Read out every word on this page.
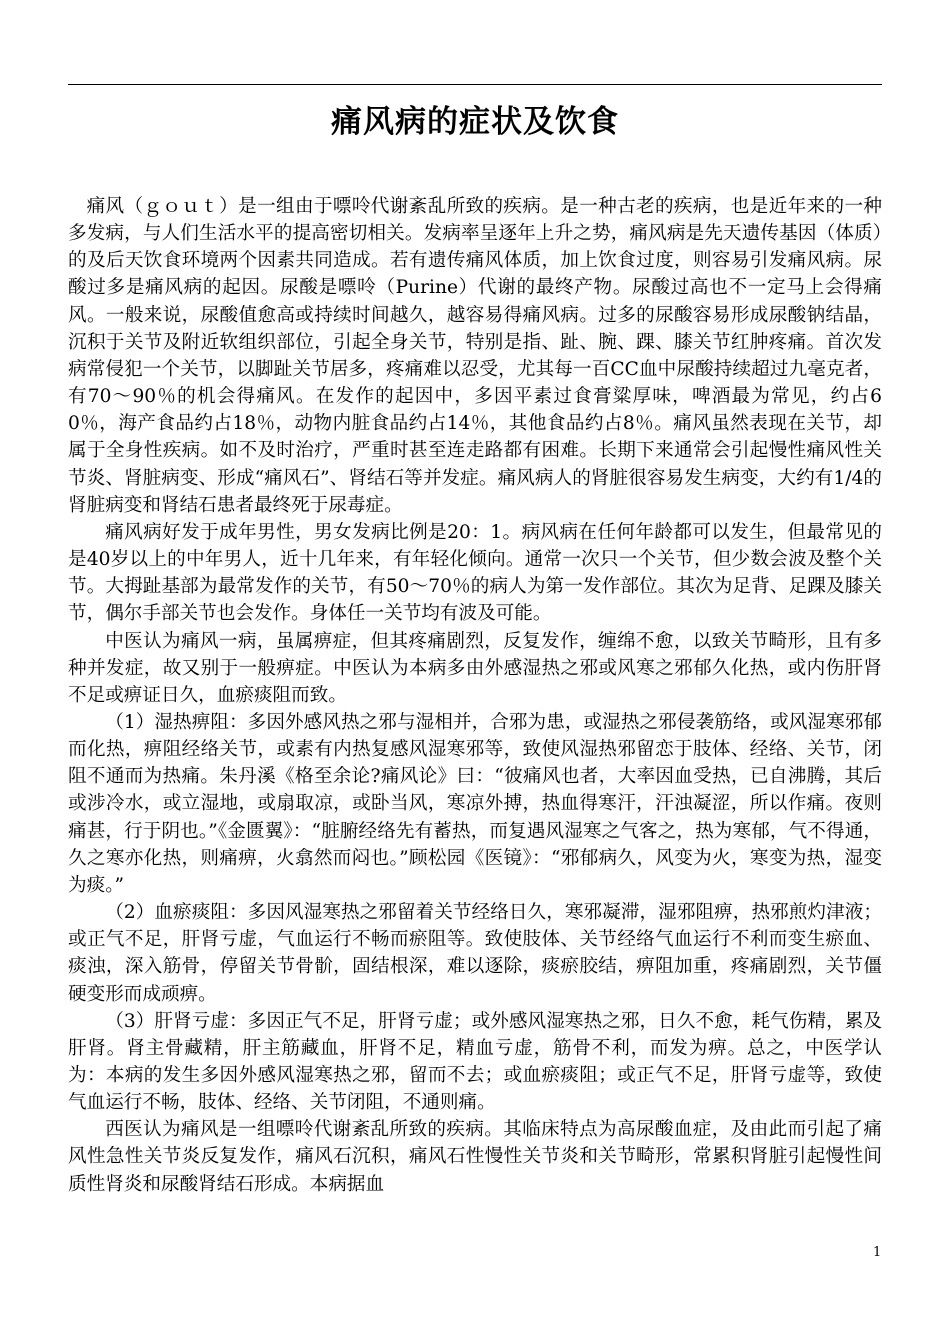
痛风病的症状及饮食

痛风（ｇｏｕｔ）是一组由于嘌呤代谢紊乱所致的疾病。是一种古老的疾病，也是近年来的一种多发病，与人们生活水平的提高密切相关。发病率呈逐年上升之势，痛风病是先天遗传基因（体质）的及后天饮食环境两个因素共同造成。若有遗传痛风体质，加上饮食过度，则容易引发痛风病。尿酸过多是痛风病的起因。尿酸是嘌呤（Purine）代谢的最终产物。尿酸过高也不一定马上会得痛风。一般来说，尿酸值愈高或持续时间越久，越容易得痛风病。过多的尿酸容易形成尿酸钠结晶，沉积于关节及附近软组织部位，引起全身关节，特别是指、趾、腕、踝、膝关节红肿疼痛。首次发病常侵犯一个关节，以脚趾关节居多，疼痛难以忍受，尤其每一百CC血中尿酸持续超过九毫克者，有70～90％的机会得痛风。在发作的起因中，多因平素过食膏粱厚味，啤酒最为常见，约占60％，海产食品约占18％，动物内脏食品约占14％，其他食品约占8％。痛风虽然表现在关节，却属于全身性疾病。如不及时治疗，严重时甚至连走路都有困难。长期下来通常会引起慢性痛风性关节炎、肾脏病变、形成“痛风石”、肾结石等并发症。痛风病人的肾脏很容易发生病变，大约有1/4的肾脏病变和肾结石患者最终死于尿毒症。

痛风病好发于成年男性，男女发病比例是20：1。病风病在任何年龄都可以发生，但最常见的是40岁以上的中年男人，近十几年来，有年轻化倾向。通常一次只一个关节，但少数会波及整个关节。大拇趾基部为最常发作的关节，有50～70％的病人为第一发作部位。其次为足背、足踝及膝关节，偶尔手部关节也会发作。身体任一关节均有波及可能。

中医认为痛风一病，虽属痹症，但其疼痛剧烈，反复发作，缠绵不愈，以致关节畸形，且有多种并发症，故又别于一般痹症。中医认为本病多由外感湿热之邪或风寒之邪郁久化热，或内伤肝肾不足或痹证日久，血瘀痰阻而致。

（1）湿热痹阻：多因外感风热之邪与湿相并，合邪为患，或湿热之邪侵袭筋络，或风湿寒邪郁而化热，痹阻经络关节，或素有内热复感风湿寒邪等，致使风湿热邪留恋于肢体、经络、关节，闭阻不通而为热痛。朱丹溪《格至余论?痛风论》曰：“彼痛风也者，大率因血受热，已自沸腾，其后或涉冷水，或立湿地，或扇取凉，或卧当风，寒凉外搏，热血得寒汗，汗浊凝涩，所以作痛。夜则痛甚，行于阴也。”《金匮翼》：“脏腑经络先有蓄热，而复遇风湿寒之气客之，热为寒郁，气不得通，久之寒亦化热，则痛痹，火翕然而闷也。”顾松园《医镜》：“邪郁病久，风变为火，寒变为热，湿变为痰。”

（2）血瘀痰阻：多因风湿寒热之邪留着关节经络日久，寒邪凝滞，湿邪阻痹，热邪煎灼津液；或正气不足，肝肾亏虚，气血运行不畅而瘀阻等。致使肢体、关节经络气血运行不利而变生瘀血、痰浊，深入筋骨，停留关节骨骱，固结根深，难以逐除，痰瘀胶结，痹阻加重，疼痛剧烈，关节僵硬变形而成顽痹。

（3）肝肾亏虚：多因正气不足，肝肾亏虚；或外感风湿寒热之邪，日久不愈，耗气伤精，累及肝肾。肾主骨藏精，肝主筋藏血，肝肾不足，精血亏虚，筋骨不利，而发为痹。总之，中医学认为：本病的发生多因外感风湿寒热之邪，留而不去；或血瘀痰阻；或正气不足，肝肾亏虚等，致使气血运行不畅，肢体、经络、关节闭阻，不通则痛。

西医认为痛风是一组嘌呤代谢紊乱所致的疾病。其临床特点为高尿酸血症，及由此而引起了痛风性急性关节炎反复发作，痛风石沉积，痛风石性慢性关节炎和关节畸形，常累积肾脏引起慢性间质性肾炎和尿酸肾结石形成。本病据血

1
